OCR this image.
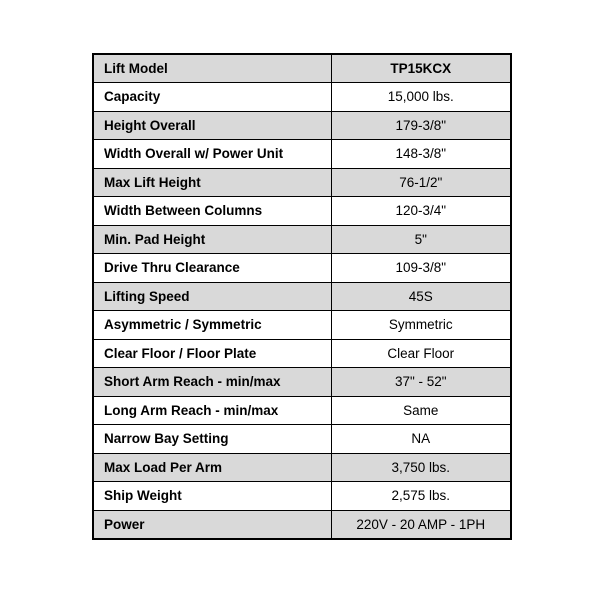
Lift Model	TP15KCX
Capacity	15,000 lbs.
Height Overall	179-3/8"
Width Overall w/ Power Unit	148-3/8"
Max Lift Height	76-1/2"
Width Between Columns	120-3/4"
Min. Pad Height	5"
Drive Thru Clearance	109-3/8"
Lifting Speed	45S
Asymmetric / Symmetric	Symmetric
Clear Floor / Floor Plate	Clear Floor
Short Arm Reach - min/max	37" - 52"
Long Arm Reach - min/max	Same
Narrow Bay Setting	NA
Max Load Per Arm	3,750 lbs.
Ship Weight	2,575 lbs.
Power	220V - 20 AMP - 1PH
